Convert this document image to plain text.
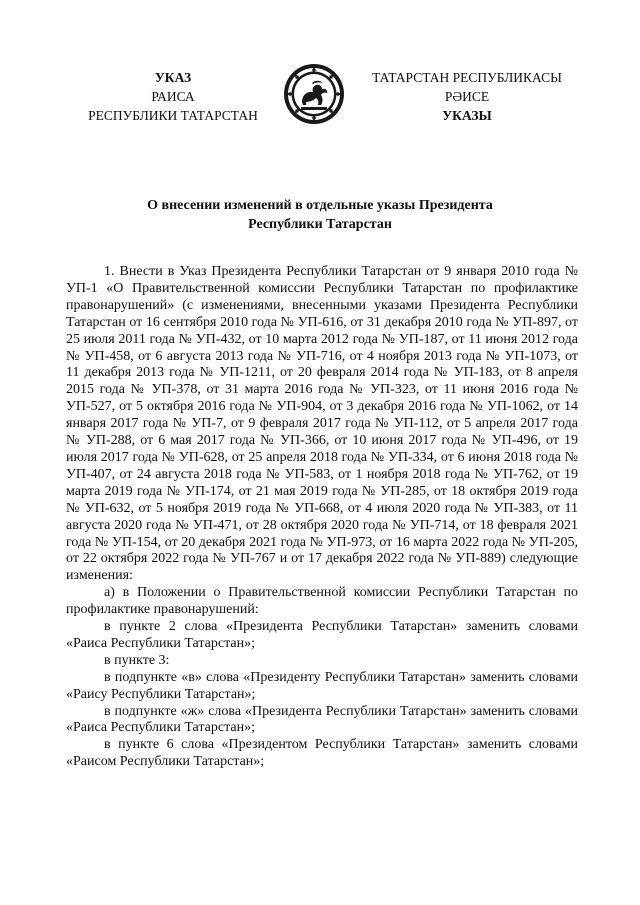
УКАЗ
РАИСА
РЕСПУБЛИКИ ТАТАРСТАН
ТАТАРСТАН РЕСПУБЛИКАСЫ
РӘИСЕ
УКАЗЫ
О внесении изменений в отдельные указы Президента
Республики Татарстан

1. Внести в Указ Президента Республики Татарстан от 9 января 2010 года № УП-1 «О Правительственной комиссии Республики Татарстан по профилактике правонарушений» (с изменениями, внесенными указами Президента Республики Татарстан от 16 сентября 2010 года № УП-616, от 31 декабря 2010 года № УП-897, от 25 июля 2011 года № УП-432, от 10 марта 2012 года № УП-187, от 11 июня 2012 года № УП-458, от 6 августа 2013 года № УП-716, от 4 ноября 2013 года № УП-1073, от 11 декабря 2013 года № УП-1211, от 20 февраля 2014 года № УП-183, от 8 апреля 2015 года № УП-378, от 31 марта 2016 года № УП-323, от 11 июня 2016 года № УП-527, от 5 октября 2016 года № УП-904, от 3 декабря 2016 года № УП-1062, от 14 января 2017 года № УП-7, от 9 февраля 2017 года № УП-112, от 5 апреля 2017 года № УП-288, от 6 мая 2017 года № УП-366, от 10 июня 2017 года № УП-496, от 19 июля 2017 года № УП-628, от 25 апреля 2018 года № УП-334, от 6 июня 2018 года № УП-407, от 24 августа 2018 года № УП-583, от 1 ноября 2018 года № УП-762, от 19 марта 2019 года № УП-174, от 21 мая 2019 года № УП-285, от 18 октября 2019 года № УП-632, от 5 ноября 2019 года № УП-668, от 4 июля 2020 года № УП-383, от 11 августа 2020 года № УП-471, от 28 октября 2020 года № УП-714, от 18 февраля 2021 года № УП-154, от 20 декабря 2021 года № УП-973, от 16 марта 2022 года № УП-205, от 22 октября 2022 года № УП-767 и от 17 декабря 2022 года № УП-889) следующие изменения:

а) в Положении о Правительственной комиссии Республики Татарстан по профилактике правонарушений:

в пункте 2 слова «Президента Республики Татарстан» заменить словами «Раиса Республики Татарстан»;

в пункте 3:

в подпункте «в» слова «Президенту Республики Татарстан» заменить словами «Раису Республики Татарстан»;

в подпункте «ж» слова «Президента Республики Татарстан» заменить словами «Раиса Республики Татарстан»;

в пункте 6 слова «Президентом Республики Татарстан» заменить словами «Раисом Республики Татарстан»;
